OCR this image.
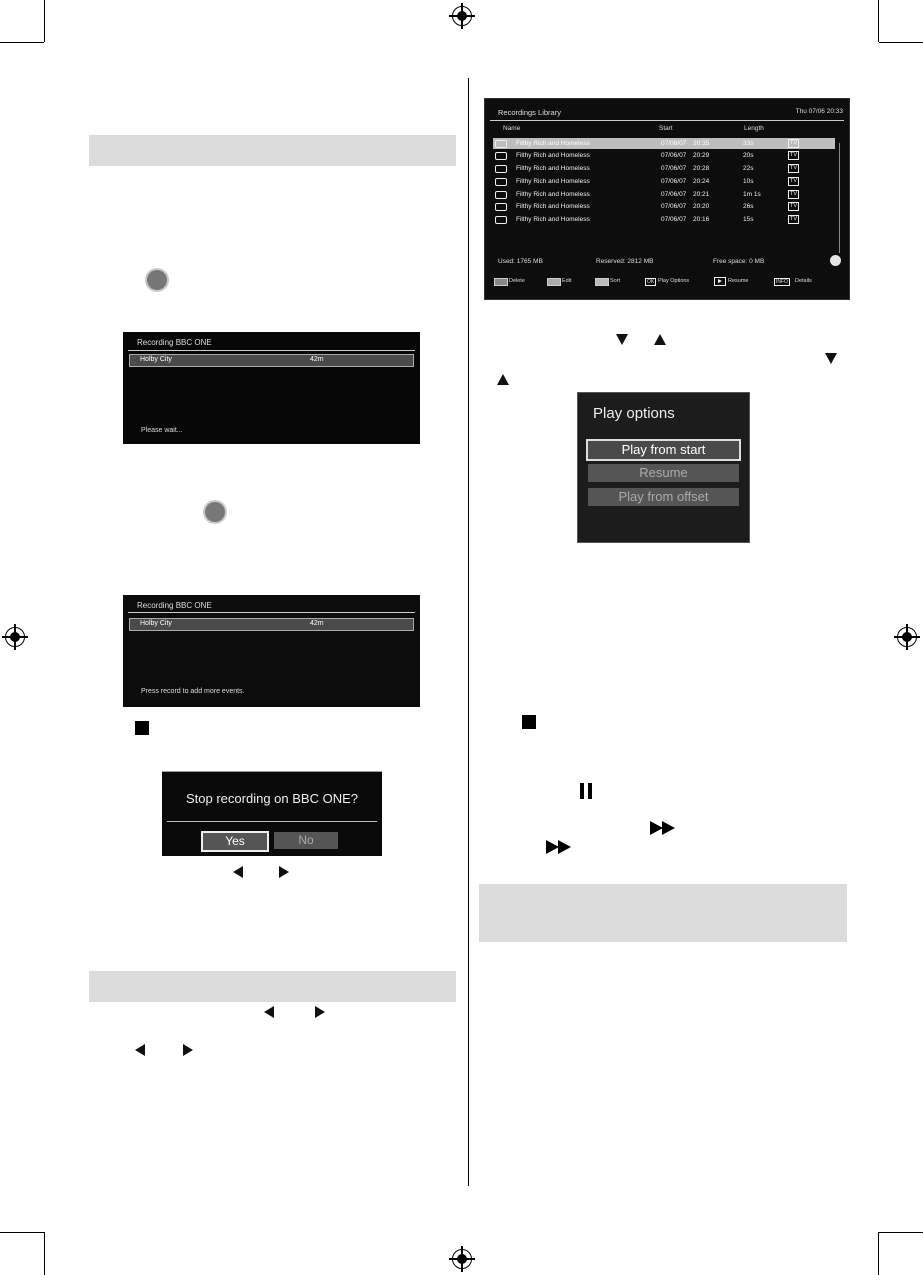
Recording BBC ONE
Holby City	42m
Please wait...
Recording BBC ONE
Holby City	42m
Press record to add more events.
Stop recording on BBC ONE?
Yes	No
Recordings Library	Thu 07/06 20:33
Name	Start	Length
Filthy Rich and Homeless	07/06/07 20:35	33s	TV
Filthy Rich and Homeless	07/06/07 20:29	20s	TV
Filthy Rich and Homeless	07/06/07 20:28	22s	TV
Filthy Rich and Homeless	07/06/07 20:24	10s	TV
Filthy Rich and Homeless	07/06/07 20:21	1m 1s	TV
Filthy Rich and Homeless	07/06/07 20:20	26s	TV
Filthy Rich and Homeless	07/06/07 20:16	15s	TV
Used: 1765 MB	Reserved: 2812 MB	Free space: 0 MB
Delete	Edit	Sort	OK Play Options	Resume	INFO	Details
Play options
Play from start
Resume
Play from offset
